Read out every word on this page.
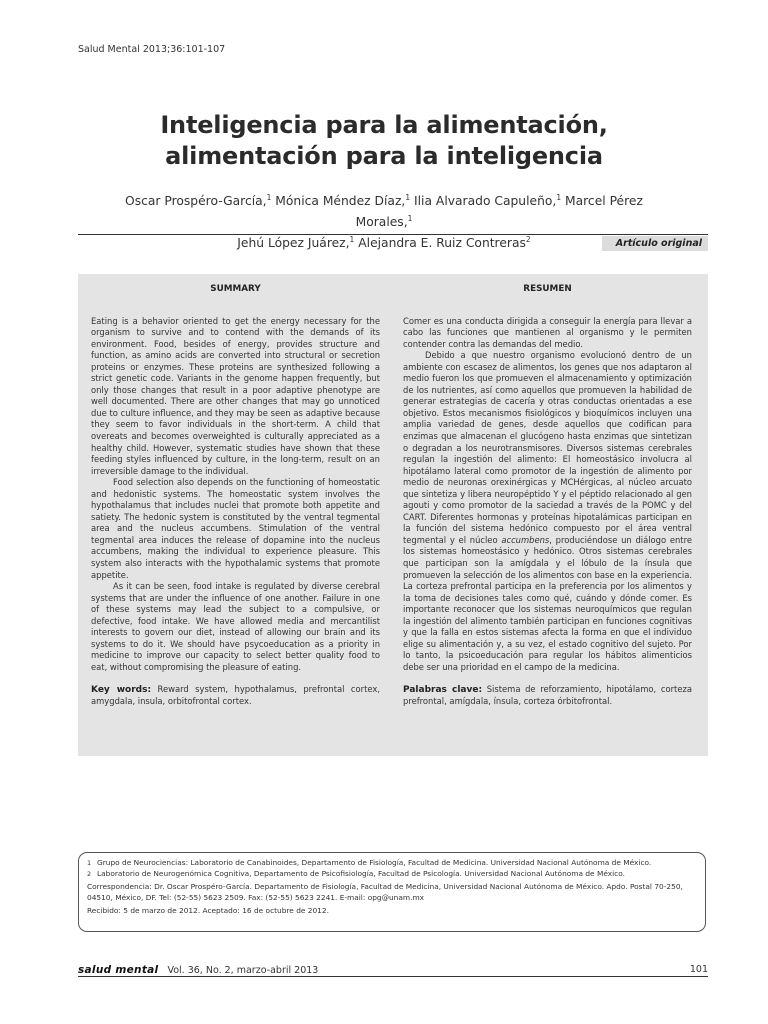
Salud Mental 2013;36:101-107
Inteligencia para la alimentación,
alimentación para la inteligencia
Oscar Prospéro-García,$^1$ Mónica Méndez Díaz,$^1$ Ilia Alvarado Capuleño,$^1$ Marcel Pérez Morales,$^1$
Jehú López Juárez,$^1$ Alejandra E. Ruiz Contreras$^2$	Artículo original
SUMMARY

Eating is a behavior oriented to get the energy necessary for the organism to survive and to contend with the demands of its environment. Food, besides of energy, provides structure and function, as amino acids are converted into structural or secretion proteins or enzymes. These proteins are synthesized following a strict genetic code. Variants in the genome happen frequently, but only those changes that result in a poor adaptive phenotype are well documented. There are other changes that may go unnoticed due to culture influence, and they may be seen as adaptive because they seem to favor individuals in the short-term. A child that overeats and becomes overweighted is culturally appreciated as a healthy child. However, systematic studies have shown that these feeding styles influenced by culture, in the long-term, result on an irreversible damage to the individual.

Food selection also depends on the functioning of homeostatic and hedonistic systems. The homeostatic system involves the hypothalamus that includes nuclei that promote both appetite and satiety. The hedonic system is constituted by the ventral tegmental area and the nucleus accumbens. Stimulation of the ventral tegmental area induces the release of dopamine into the nucleus accumbens, making the individual to experience pleasure. This system also interacts with the hypothalamic systems that promote appetite.

As it can be seen, food intake is regulated by diverse cerebral systems that are under the influence of one another. Failure in one of these systems may lead the subject to a compulsive, or defective, food intake. We have allowed media and mercantilist interests to govern our diet, instead of allowing our brain and its systems to do it. We should have psycoeducation as a priority in medicine to improve our capacity to select better quality food to eat, without compromising the pleasure of eating.

Key words: Reward system, hypothalamus, prefrontal cortex, amygdala, insula, orbitofrontal cortex.

RESUMEN

Comer es una conducta dirigida a conseguir la energía para llevar a cabo las funciones que mantienen al organismo y le permiten contender contra las demandas del medio.

Debido a que nuestro organismo evolucionó dentro de un ambiente con escasez de alimentos, los genes que nos adaptaron al medio fueron los que promueven el almacenamiento y optimización de los nutrientes, así como aquellos que promueven la habilidad de generar estrategias de cacería y otras conductas orientadas a ese objetivo. Estos mecanismos fisiológicos y bioquímicos incluyen una amplia variedad de genes, desde aquellos que codifican para enzimas que almacenan el glucógeno hasta enzimas que sintetizan o degradan a los neurotransmisores. Diversos sistemas cerebrales regulan la ingestión del alimento: El homeostásico involucra al hipotálamo lateral como promotor de la ingestión de alimento por medio de neuronas orexinérgicas y MCHérgicas, al núcleo arcuato que sintetiza y libera neuropéptido Y y el péptido relacionado al gen agouti y como promotor de la saciedad a través de la POMC y del CART. Diferentes hormonas y proteínas hipotalámicas participan en la función del sistema hedónico compuesto por el área ventral tegmental y el núcleo accumbens, produciéndose un diálogo entre los sistemas homeostásico y hedónico. Otros sistemas cerebrales que participan son la amígdala y el lóbulo de la ínsula que promueven la selección de los alimentos con base en la experiencia. La corteza prefrontal participa en la preferencia por los alimentos y la toma de decisiones tales como qué, cuándo y dónde comer. Es importante reconocer que los sistemas neuroquímicos que regulan la ingestión del alimento también participan en funciones cognitivas y que la falla en estos sistemas afecta la forma en que el individuo elige su alimentación y, a su vez, el estado cognitivo del sujeto. Por lo tanto, la psicoeducación para regular los hábitos alimenticios debe ser una prioridad en el campo de la medicina.

Palabras clave: Sistema de reforzamiento, hipotálamo, corteza prefrontal, amígdala, ínsula, corteza órbitofrontal.

1 Grupo de Neurociencias: Laboratorio de Canabinoides, Departamento de Fisiología, Facultad de Medicina. Universidad Nacional Autónoma de México.
2 Laboratorio de Neurogenómica Cognitiva, Departamento de Psicofisiología, Facultad de Psicología. Universidad Nacional Autónoma de México.
Correspondencia: Dr. Oscar Prospéro-García. Departamento de Fisiología, Facultad de Medicina, Universidad Nacional Autónoma de México. Apdo. Postal 70-250, 04510, México, DF. Tel: (52-55) 5623 2509. Fax: (52-55) 5623 2241. E-mail: opg@unam.mx
Recibido: 5 de marzo de 2012. Aceptado: 16 de octubre de 2012.
salud mental Vol. 36, No. 2, marzo-abril 2013	101
